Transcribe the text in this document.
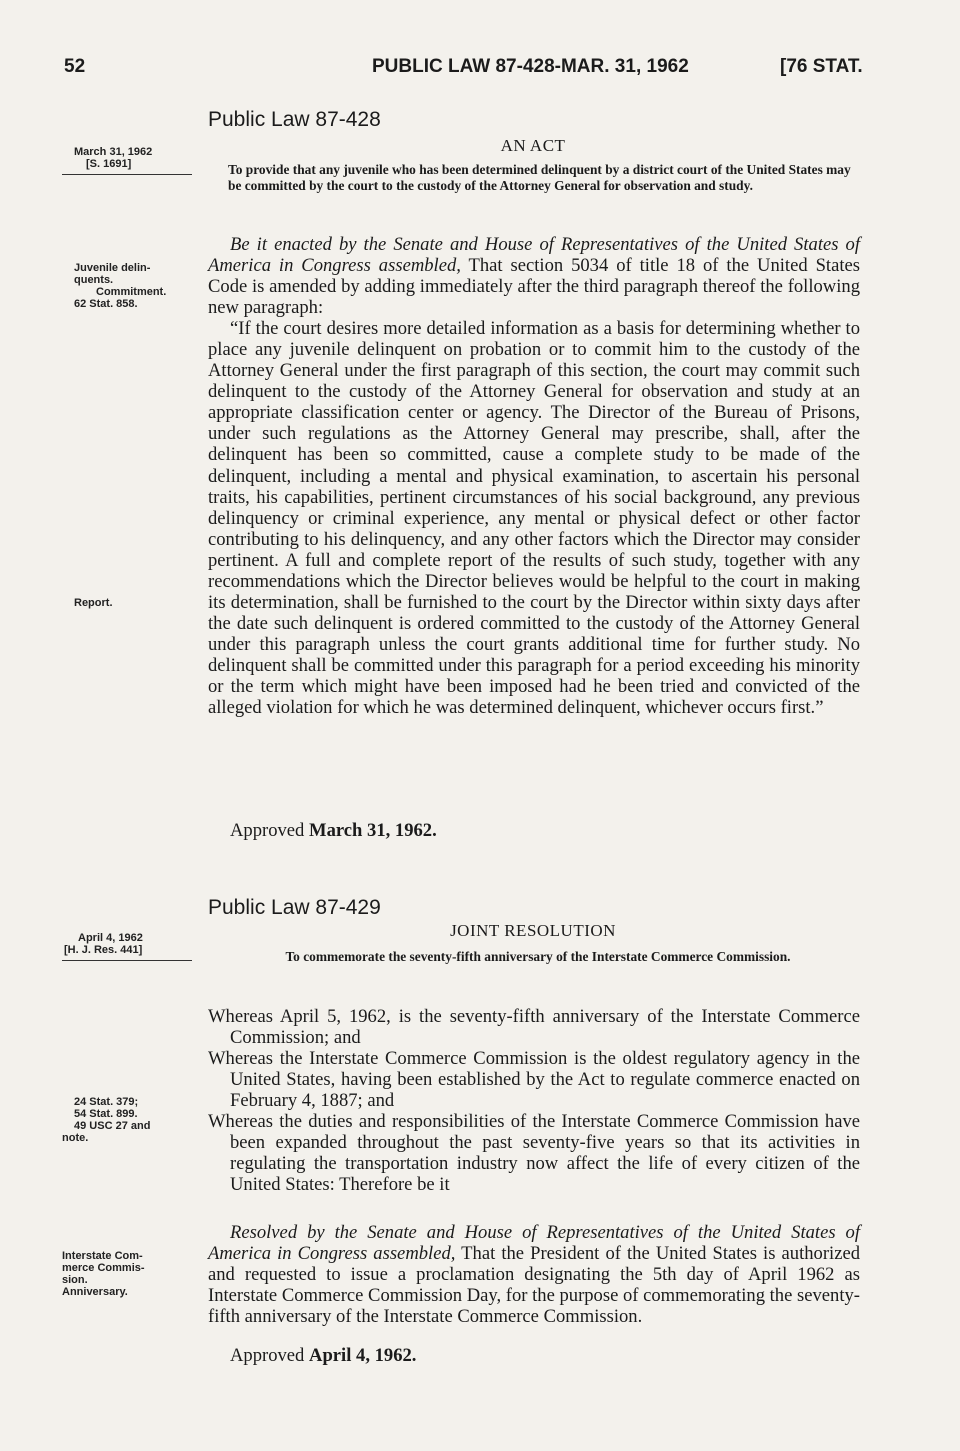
52	PUBLIC LAW 87-428-MAR. 31, 1962	[76 STAT.
Public Law 87-428
AN ACT
March 31, 1962
[S. 1691]	To provide that any juvenile who has been determined delinquent by a district court of the United States may be committed by the court to the custody of the Attorney General for observation and study.
Juvenile delin-
quents.
Commitment.
62 Stat. 858.
Report.

Be it enacted by the Senate and House of Representatives of the United States of America in Congress assembled, That section 5034 of title 18 of the United States Code is amended by adding immediately after the third paragraph thereof the following new paragraph:

“If the court desires more detailed information as a basis for determining whether to place any juvenile delinquent on probation or to commit him to the custody of the Attorney General under the first paragraph of this section, the court may commit such delinquent to the custody of the Attorney General for observation and study at an appropriate classification center or agency. The Director of the Bureau of Prisons, under such regulations as the Attorney General may prescribe, shall, after the delinquent has been so committed, cause a complete study to be made of the delinquent, including a mental and physical examination, to ascertain his personal traits, his capabilities, pertinent circumstances of his social background, any previous delinquency or criminal experience, any mental or physical defect or other factor contributing to his delinquency, and any other factors which the Director may consider pertinent. A full and complete report of the results of such study, together with any recommendations which the Director believes would be helpful to the court in making its determination, shall be furnished to the court by the Director within sixty days after the date such delinquent is ordered committed to the custody of the Attorney General under this paragraph unless the court grants additional time for further study. No delinquent shall be committed under this paragraph for a period exceeding his minority or the term which might have been imposed had he been tried and convicted of the alleged violation for which he was determined delinquent, whichever occurs first.”

Approved March 31, 1962.
Public Law 87-429
JOINT RESOLUTION
April 4, 1962
[H. J. Res. 441]	To commemorate the seventy-fifth anniversary of the Interstate Commerce Commission.
24 Stat. 379;
54 Stat. 899.
49 USC 27 and
note.
Interstate Com-
merce Commis-
sion.
Anniversary.

Whereas April 5, 1962, is the seventy-fifth anniversary of the Interstate Commerce Commission; and

Whereas the Interstate Commerce Commission is the oldest regulatory agency in the United States, having been established by the Act to regulate commerce enacted on February 4, 1887; and

Whereas the duties and responsibilities of the Interstate Commerce Commission have been expanded throughout the past seventy-five years so that its activities in regulating the transportation industry now affect the life of every citizen of the United States: Therefore be it

Resolved by the Senate and House of Representatives of the United States of America in Congress assembled, That the President of the United States is authorized and requested to issue a proclamation designating the 5th day of April 1962 as Interstate Commerce Commission Day, for the purpose of commemorating the seventy-fifth anniversary of the Interstate Commerce Commission.

Approved April 4, 1962.
